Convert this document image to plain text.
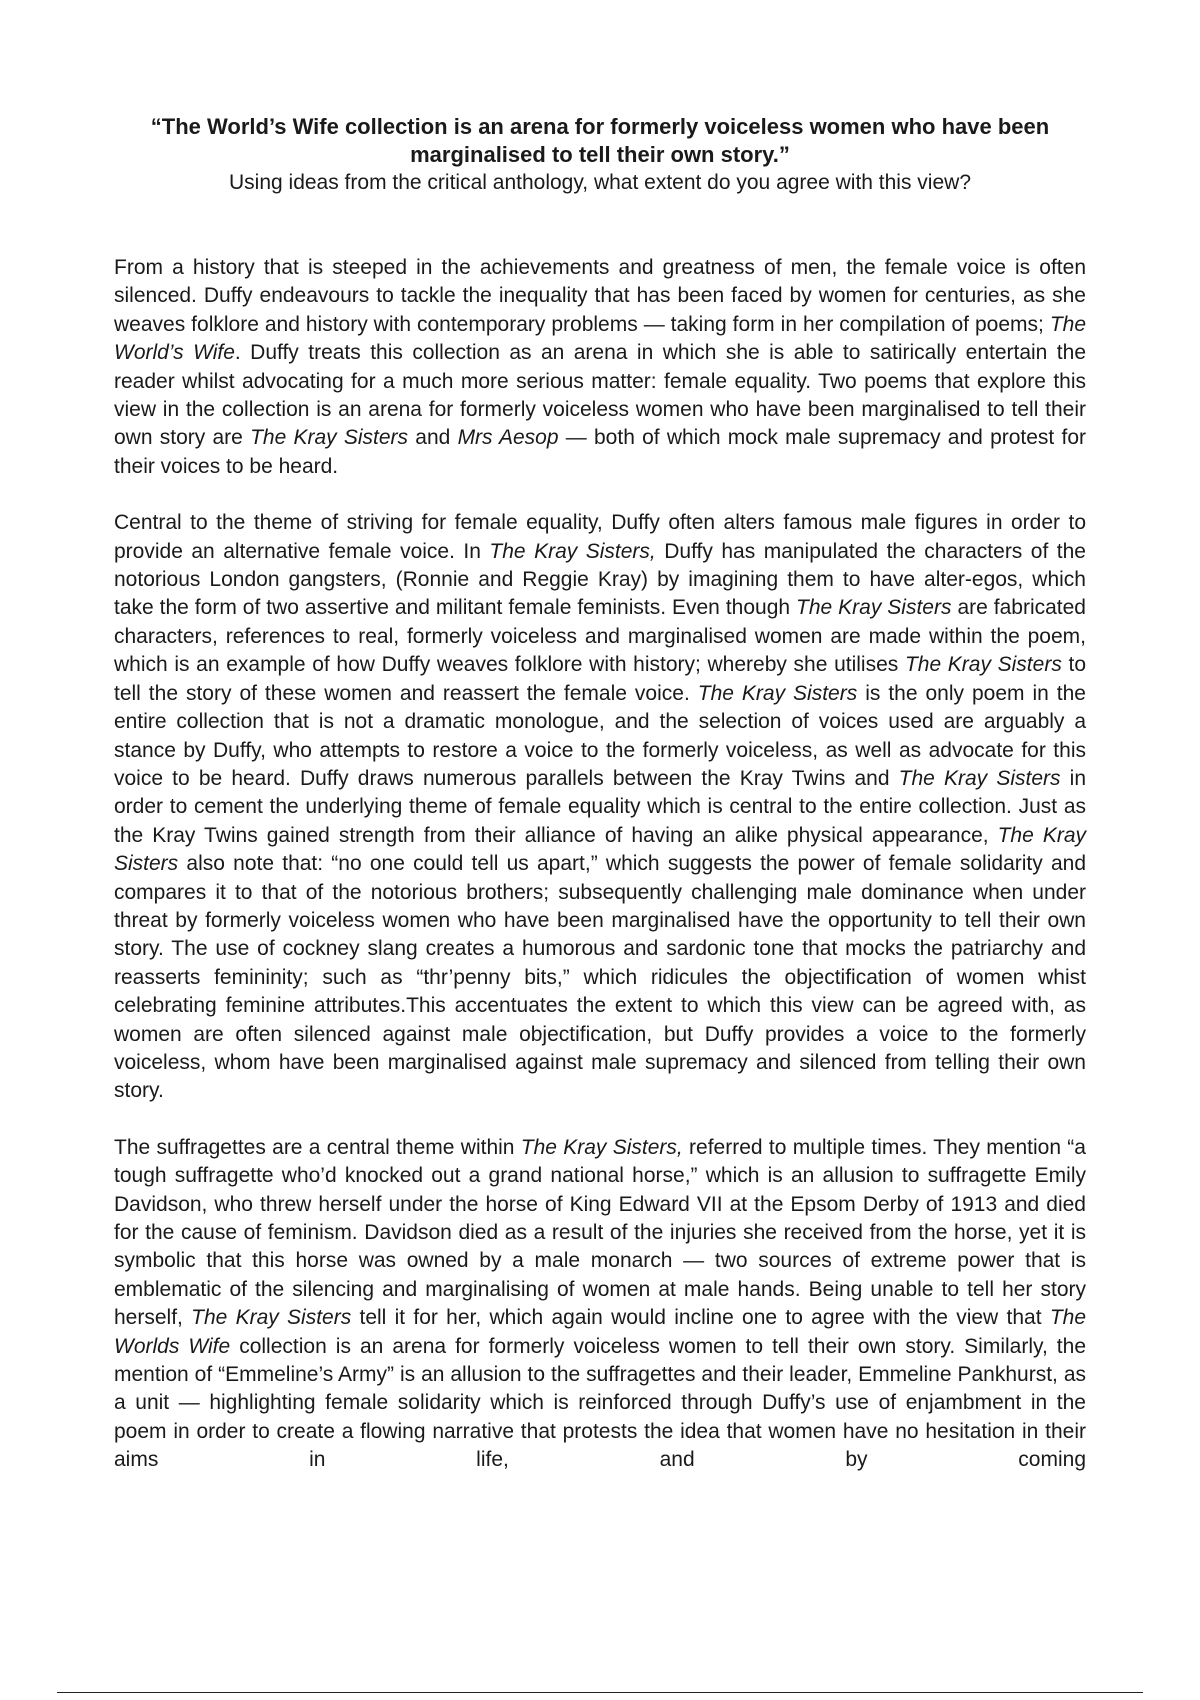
“The World’s Wife collection is an arena for formerly voiceless women who have been marginalised to tell their own story.”

Using ideas from the critical anthology, what extent do you agree with this view?

From a history that is steeped in the achievements and greatness of men, the female voice is often silenced. Duffy endeavours to tackle the inequality that has been faced by women for centuries, as she weaves folklore and history with contemporary problems — taking form in her compilation of poems; The World’s Wife. Duffy treats this collection as an arena in which she is able to satirically entertain the reader whilst advocating for a much more serious matter: female equality. Two poems that explore this view in the collection is an arena for formerly voiceless women who have been marginalised to tell their own story are The Kray Sisters and Mrs Aesop — both of which mock male supremacy and protest for their voices to be heard.

Central to the theme of striving for female equality, Duffy often alters famous male figures in order to provide an alternative female voice. In The Kray Sisters, Duffy has manipulated the characters of the notorious London gangsters, (Ronnie and Reggie Kray) by imagining them to have alter-egos, which take the form of two assertive and militant female feminists. Even though The Kray Sisters are fabricated characters, references to real, formerly voiceless and marginalised women are made within the poem, which is an example of how Duffy weaves folklore with history; whereby she utilises The Kray Sisters to tell the story of these women and reassert the female voice. The Kray Sisters is the only poem in the entire collection that is not a dramatic monologue, and the selection of voices used are arguably a stance by Duffy, who attempts to restore a voice to the formerly voiceless, as well as advocate for this voice to be heard. Duffy draws numerous parallels between the Kray Twins and The Kray Sisters in order to cement the underlying theme of female equality which is central to the entire collection. Just as the Kray Twins gained strength from their alliance of having an alike physical appearance, The Kray Sisters also note that: “no one could tell us apart,” which suggests the power of female solidarity and compares it to that of the notorious brothers; subsequently challenging male dominance when under threat by formerly voiceless women who have been marginalised have the opportunity to tell their own story. The use of cockney slang creates a humorous and sardonic tone that mocks the patriarchy and reasserts femininity; such as “thr’penny bits,” which ridicules the objectification of women whist celebrating feminine attributes.This accentuates the extent to which this view can be agreed with, as women are often silenced against male objectification, but Duffy provides a voice to the formerly voiceless, whom have been marginalised against male supremacy and silenced from telling their own story.

The suffragettes are a central theme within The Kray Sisters, referred to multiple times. They mention “a tough suffragette who’d knocked out a grand national horse,” which is an allusion to suffragette Emily Davidson, who threw herself under the horse of King Edward VII at the Epsom Derby of 1913 and died for the cause of feminism. Davidson died as a result of the injuries she received from the horse, yet it is symbolic that this horse was owned by a male monarch — two sources of extreme power that is emblematic of the silencing and marginalising of women at male hands. Being unable to tell her story herself, The Kray Sisters tell it for her, which again would incline one to agree with the view that The Worlds Wife collection is an arena for formerly voiceless women to tell their own story. Similarly, the mention of “Emmeline’s Army” is an allusion to the suffragettes and their leader, Emmeline Pankhurst, as a unit — highlighting female solidarity which is reinforced through Duffy’s use of enjambment in the poem in order to create a flowing narrative that protests the idea that women have no hesitation in their aims in life, and by coming
